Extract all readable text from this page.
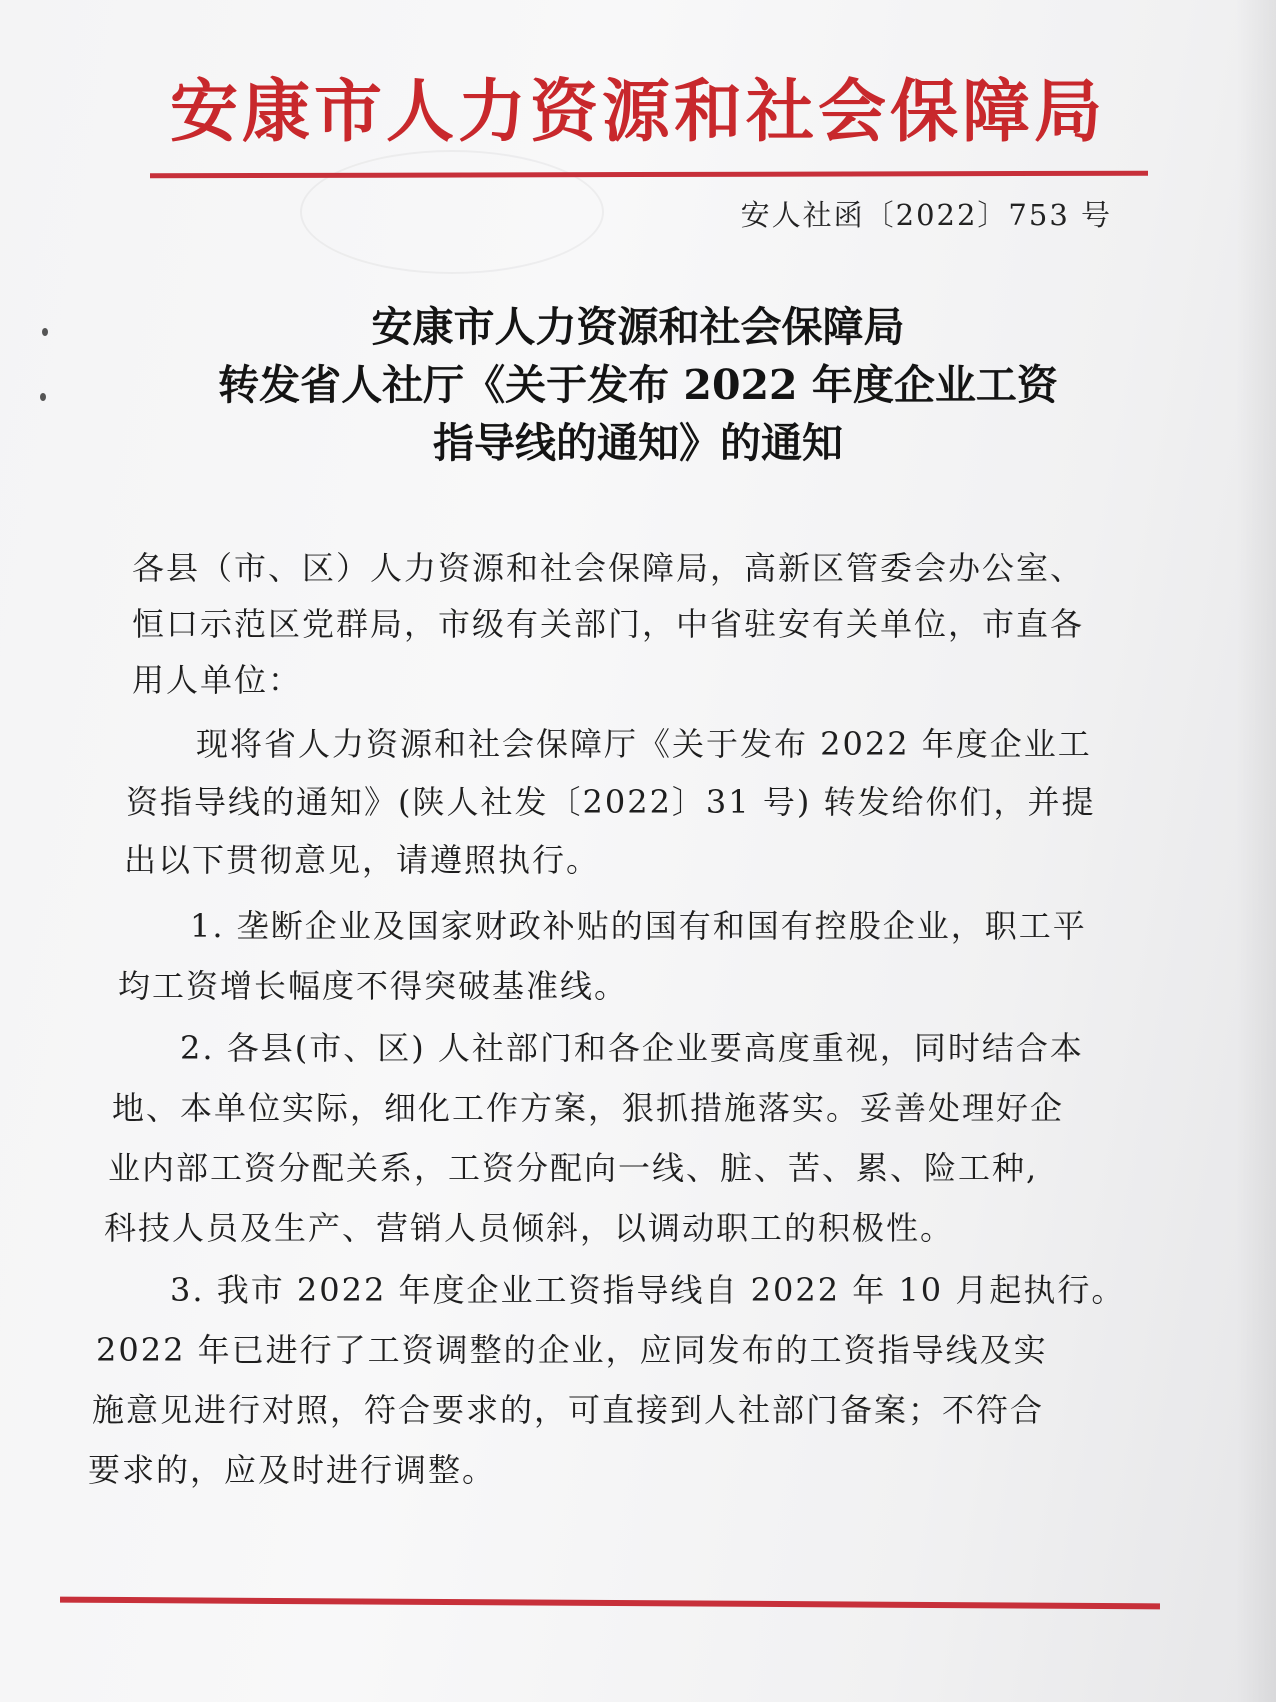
安康市人力资源和社会保障局
安人社函〔2022〕753 号
安康市人力资源和社会保障局
转发省人社厅《关于发布 2022 年度企业工资
指导线的通知》的通知
各县（市、区）人力资源和社会保障局，高新区管委会办公室、
恒口示范区党群局，市级有关部门，中省驻安有关单位，市直各
用人单位：
现将省人力资源和社会保障厅《关于发布 2022 年度企业工
资指导线的通知》(陕人社发〔2022〕31 号) 转发给你们，并提
出以下贯彻意见，请遵照执行。
1. 垄断企业及国家财政补贴的国有和国有控股企业，职工平
均工资增长幅度不得突破基准线。
2. 各县(市、区) 人社部门和各企业要高度重视，同时结合本
地、本单位实际，细化工作方案，狠抓措施落实。妥善处理好企
业内部工资分配关系，工资分配向一线、脏、苦、累、险工种,
科技人员及生产、营销人员倾斜，以调动职工的积极性。
3. 我市 2022 年度企业工资指导线自 2022 年 10 月起执行。
2022 年已进行了工资调整的企业，应同发布的工资指导线及实
施意见进行对照，符合要求的，可直接到人社部门备案；不符合
要求的，应及时进行调整。
